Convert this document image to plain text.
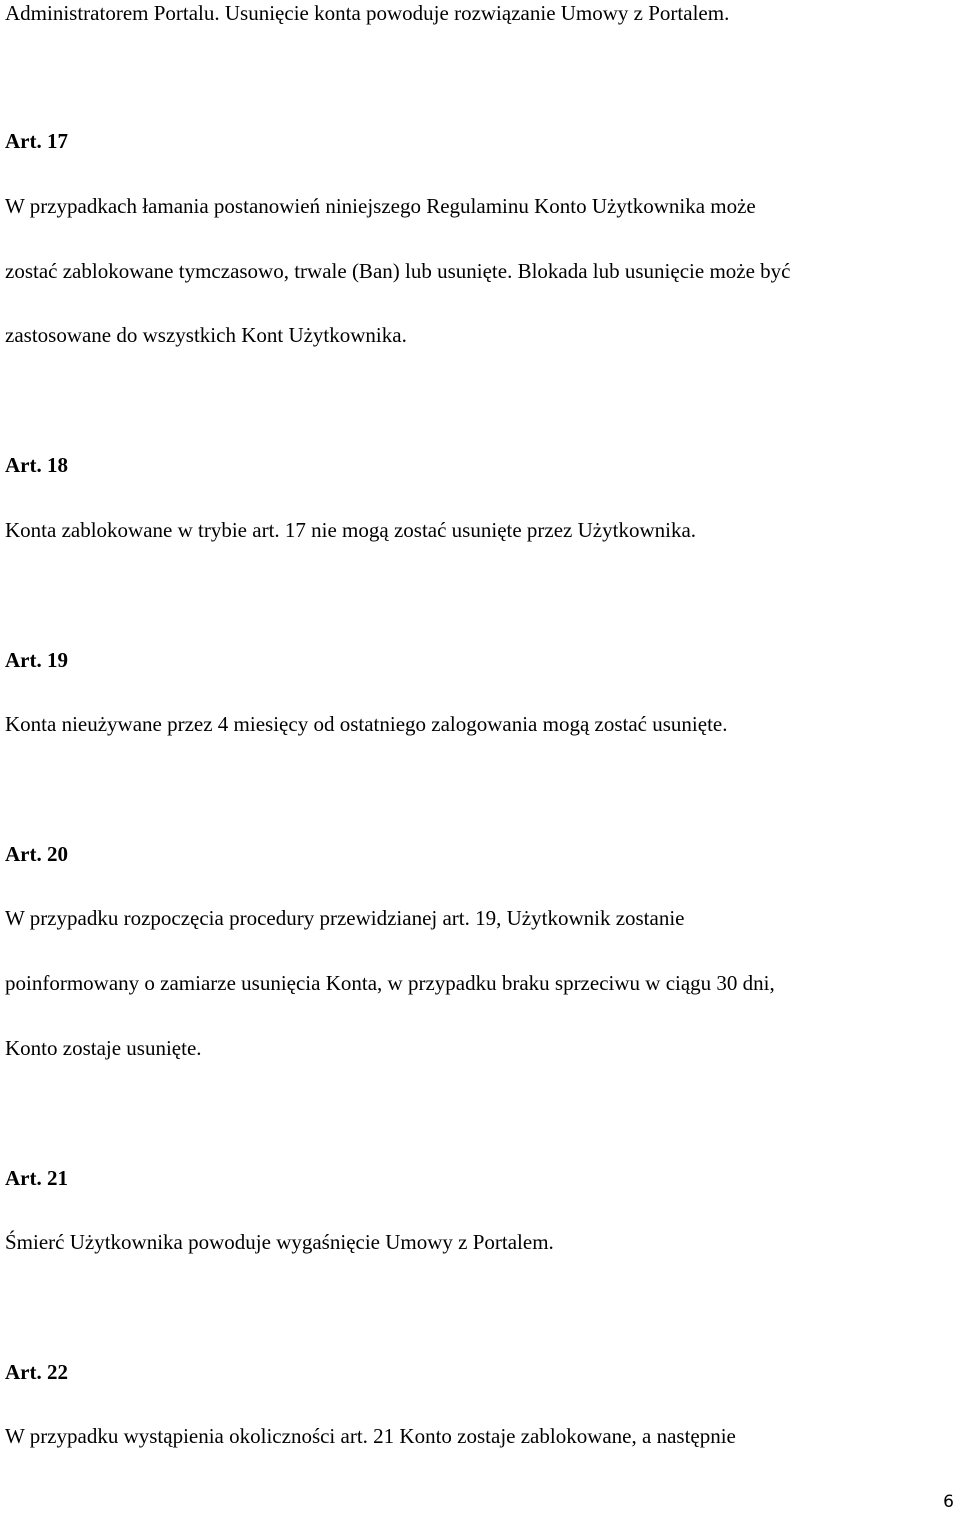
Administratorem Portalu. Usunięcie konta powoduje rozwiązanie Umowy z Portalem.

Art. 17

W przypadkach łamania postanowień niniejszego Regulaminu Konto Użytkownika może

zostać zablokowane tymczasowo, trwale (Ban) lub usunięte. Blokada lub usunięcie może być

zastosowane do wszystkich Kont Użytkownika.

Art. 18

Konta zablokowane w trybie art. 17 nie mogą zostać usunięte przez Użytkownika.

Art. 19

Konta nieużywane przez 4 miesięcy od ostatniego zalogowania mogą zostać usunięte.

Art. 20

W przypadku rozpoczęcia procedury przewidzianej art. 19, Użytkownik zostanie

poinformowany o zamiarze usunięcia Konta, w przypadku braku sprzeciwu w ciągu 30 dni,

Konto zostaje usunięte.

Art. 21

Śmierć Użytkownika powoduje wygaśnięcie Umowy z Portalem.

Art. 22

W przypadku wystąpienia okoliczności art. 21 Konto zostaje zablokowane, a następnie

6
